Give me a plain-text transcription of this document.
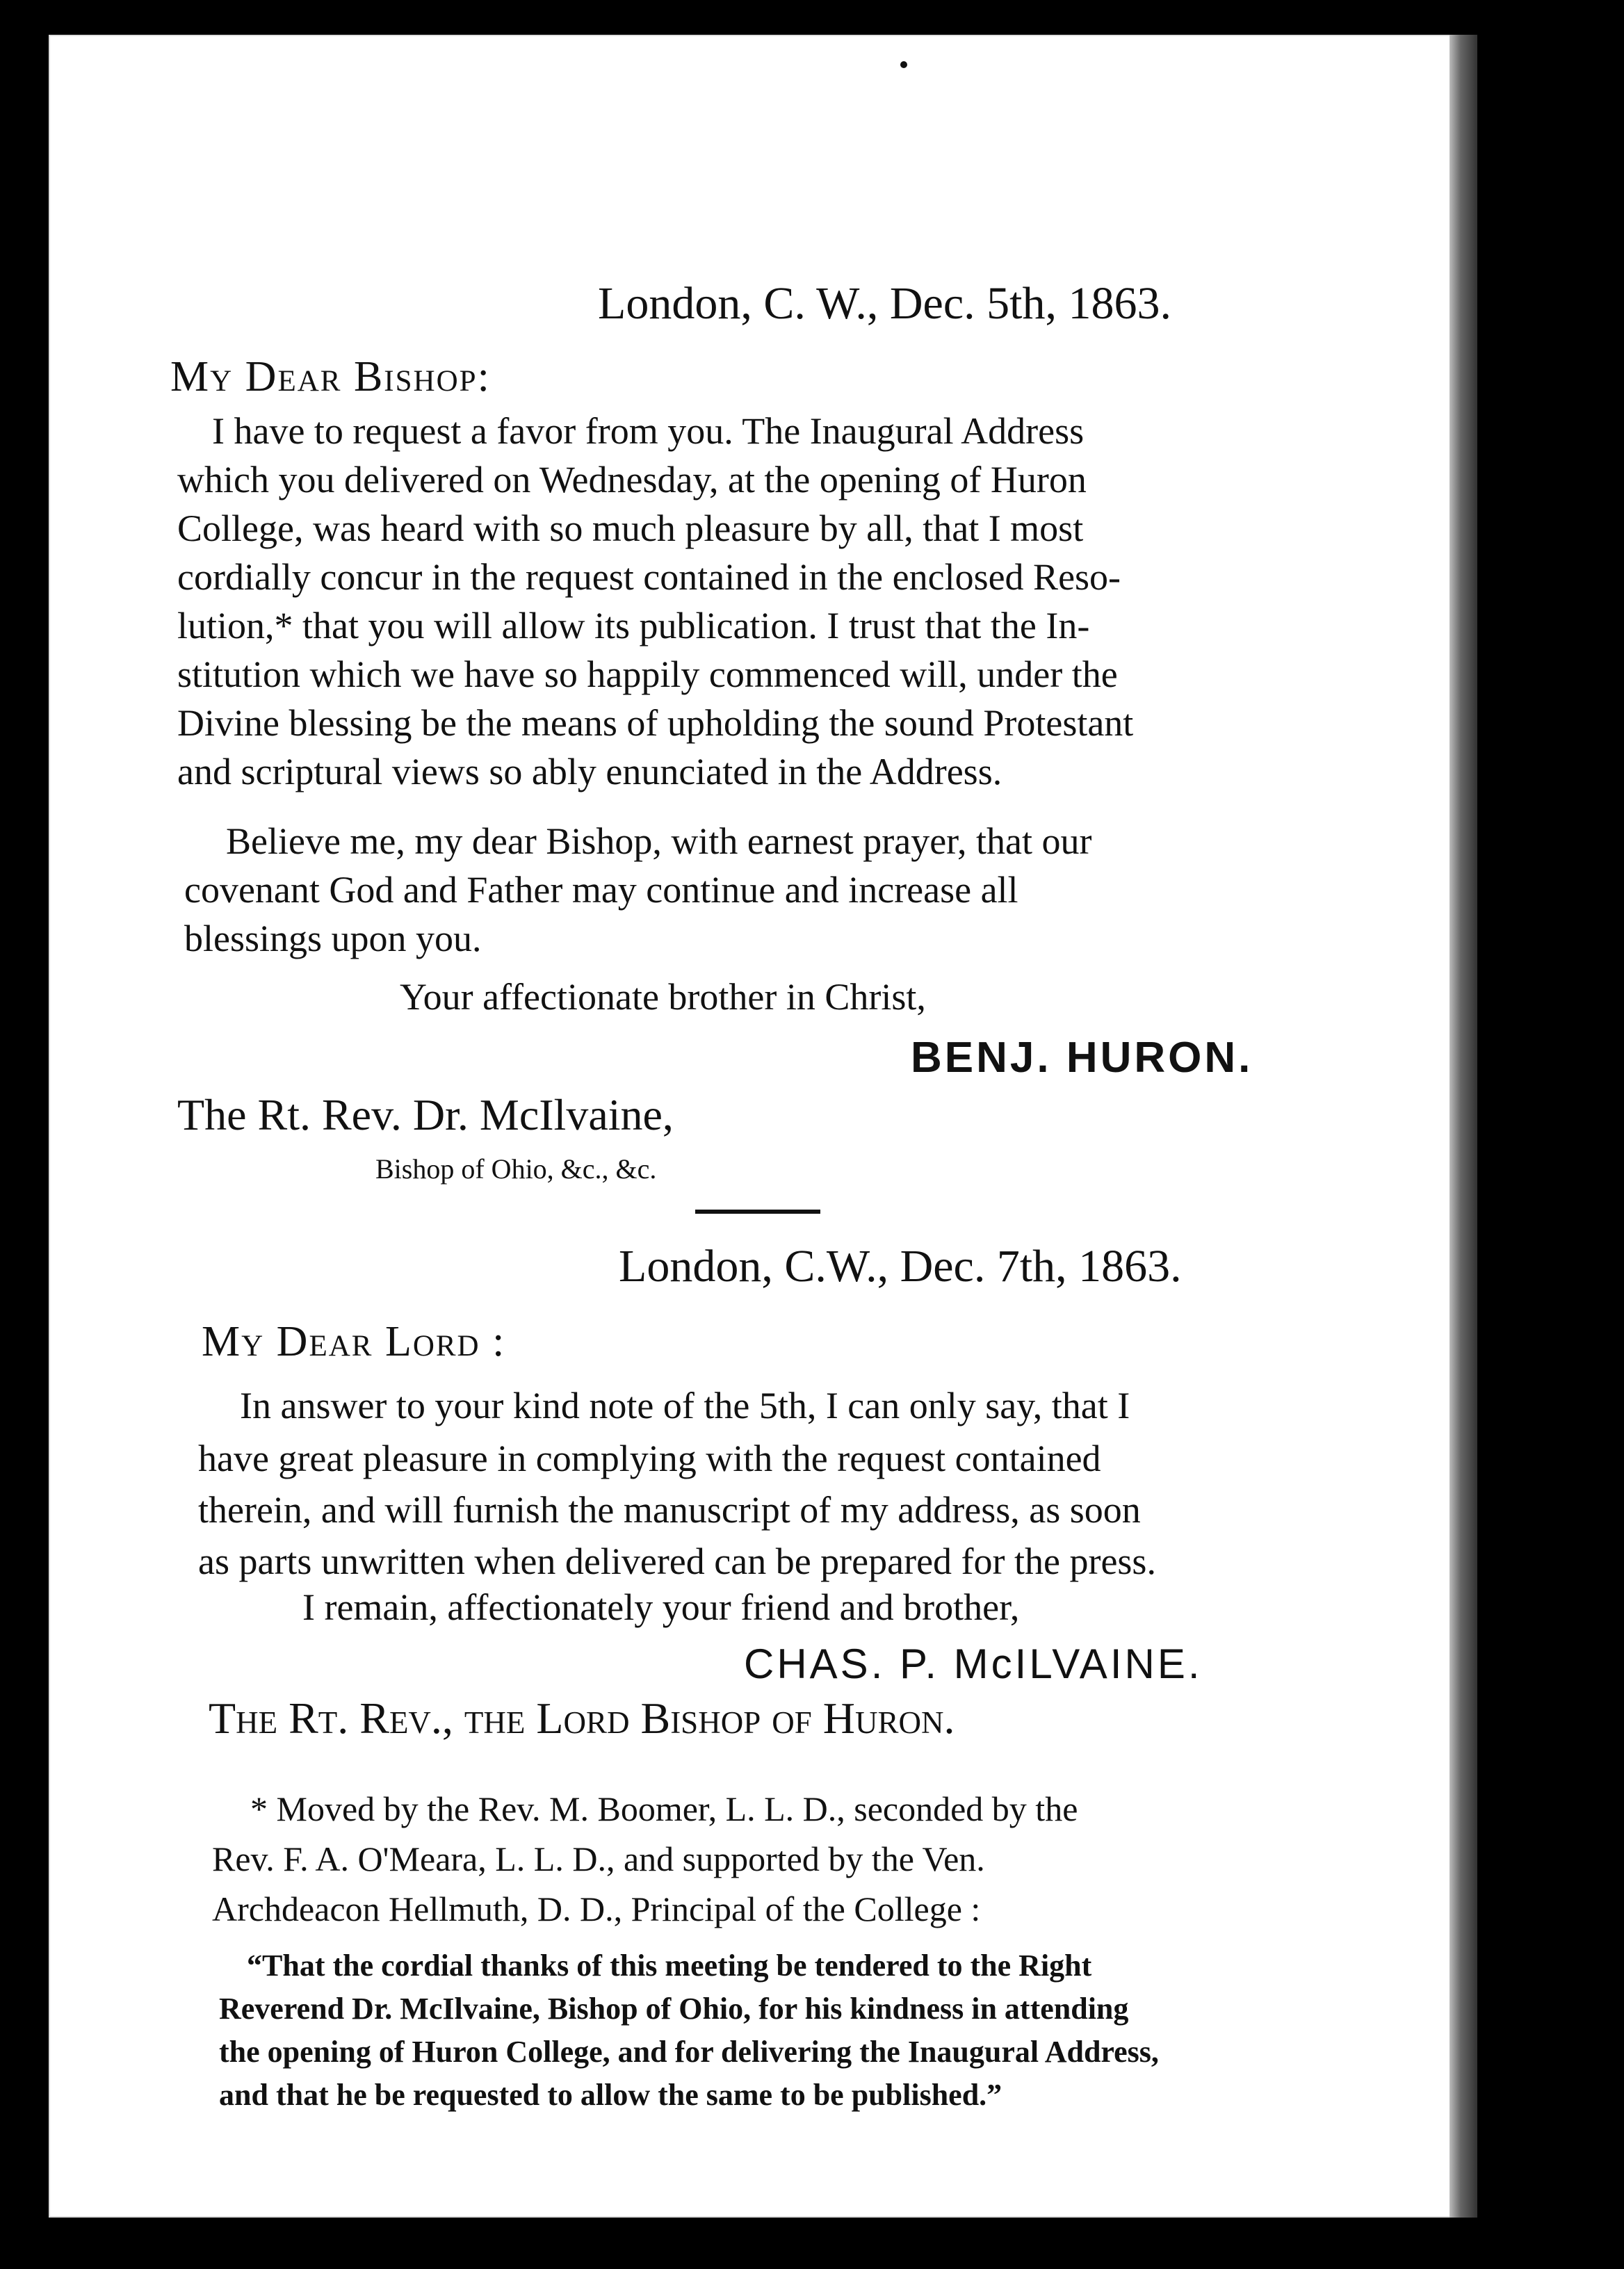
London, C. W., Dec. 5th, 1863.
My Dear Bishop:
I have to request a favor from you. The Inaugural Address
which you delivered on Wednesday, at the opening of Huron
College, was heard with so much pleasure by all, that I most
cordially concur in the request contained in the enclosed Reso-
lution,* that you will allow its publication. I trust that the In-
stitution which we have so happily commenced will, under the
Divine blessing be the means of upholding the sound Protestant
and scriptural views so ably enunciated in the Address.
Believe me, my dear Bishop, with earnest prayer, that our
covenant God and Father may continue and increase all
blessings upon you.
Your affectionate brother in Christ,
BENJ. HURON.
The Rt. Rev. Dr. McIlvaine,
Bishop of Ohio, &c., &c.
London, C.W., Dec. 7th, 1863.
My Dear Lord :
In answer to your kind note of the 5th, I can only say, that I
have great pleasure in complying with the request contained
therein, and will furnish the manuscript of my address, as soon
as parts unwritten when delivered can be prepared for the press.
I remain, affectionately your friend and brother,
CHAS. P. McILVAINE.
The Rt. Rev., the Lord Bishop of Huron.
* Moved by the Rev. M. Boomer, L. L. D., seconded by the
Rev. F. A. O'Meara, L. L. D., and supported by the Ven.
Archdeacon Hellmuth, D. D., Principal of the College :
“That the cordial thanks of this meeting be tendered to the Right
Reverend Dr. McIlvaine, Bishop of Ohio, for his kindness in attending
the opening of Huron College, and for delivering the Inaugural Address,
and that he be requested to allow the same to be published.”
